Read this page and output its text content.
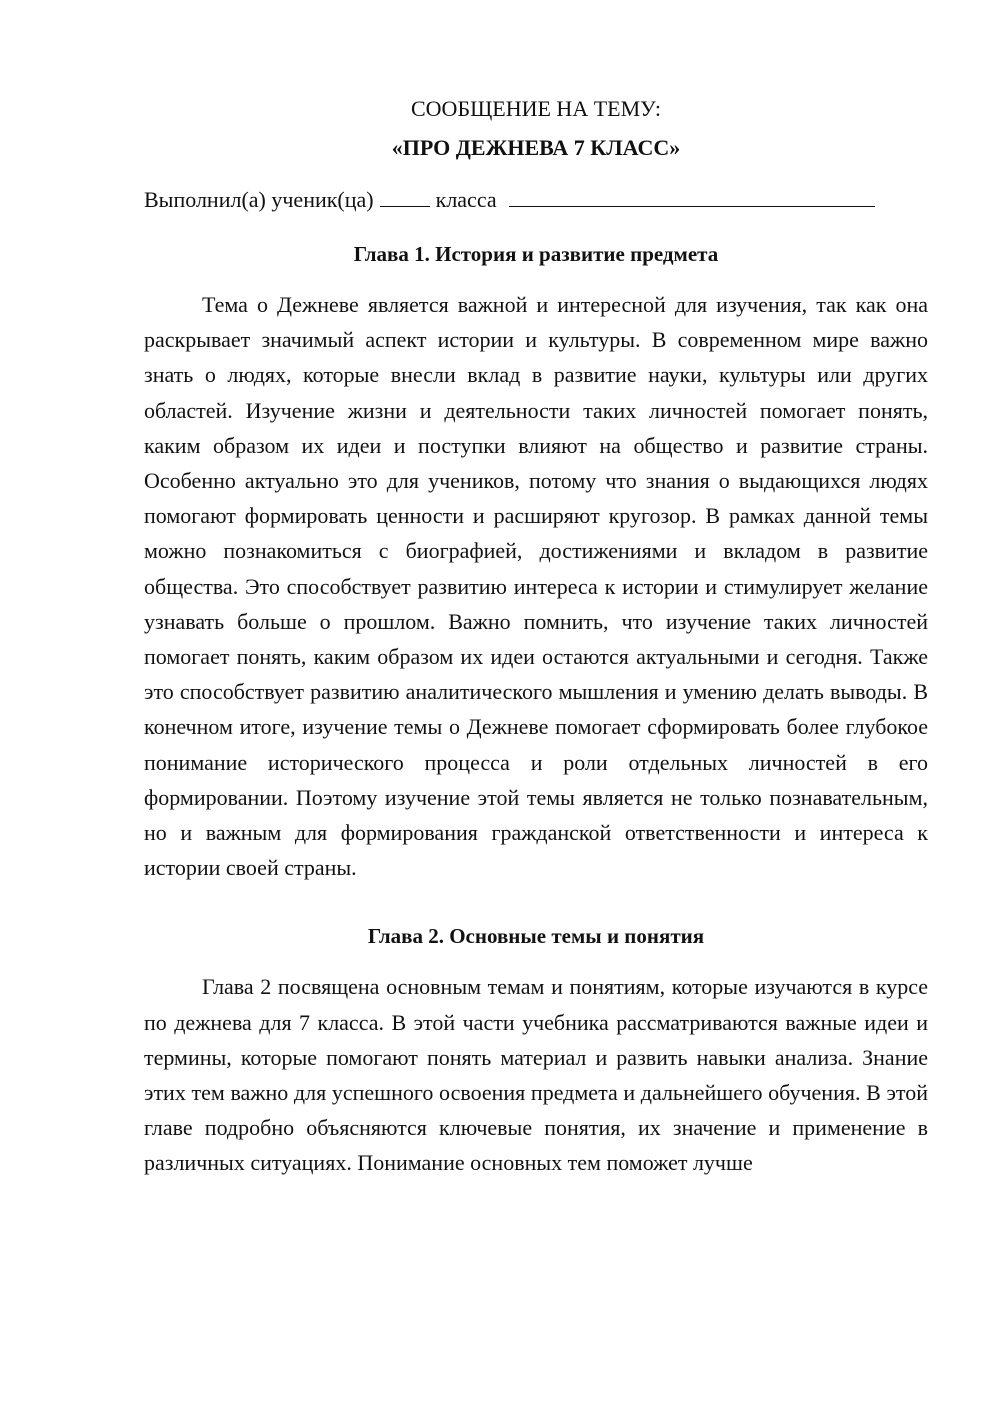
СООБЩЕНИЕ НА ТЕМУ:

«ПРО ДЕЖНЕВА 7 КЛАСС»

Выполнил(а) ученик(ца)	класса

Глава 1. История и развитие предмета

Тема о Дежневе является важной и интересной для изучения, так как она раскрывает значимый аспект истории и культуры. В современном мире важно знать о людях, которые внесли вклад в развитие науки, культуры или других областей. Изучение жизни и деятельности таких личностей помогает понять, каким образом их идеи и поступки влияют на общество и развитие страны. Особенно актуально это для учеников, потому что знания о выдающихся людях помогают формировать ценности и расширяют кругозор. В рамках данной темы можно познакомиться с биографией, достижениями и вкладом в развитие общества. Это способствует развитию интереса к истории и стимулирует желание узнавать больше о прошлом. Важно помнить, что изучение таких личностей помогает понять, каким образом их идеи остаются актуальными и сегодня. Также это способствует развитию аналитического мышления и умению делать выводы. В конечном итоге, изучение темы о Дежневе помогает сформировать более глубокое понимание исторического процесса и роли отдельных личностей в его формировании. Поэтому изучение этой темы является не только познавательным, но и важным для формирования гражданской ответственности и интереса к истории своей страны.

Глава 2. Основные темы и понятия

Глава 2 посвящена основным темам и понятиям, которые изучаются в курсе по дежнева для 7 класса. В этой части учебника рассматриваются важные идеи и термины, которые помогают понять материал и развить навыки анализа. Знание этих тем важно для успешного освоения предмета и дальнейшего обучения. В этой главе подробно объясняются ключевые понятия, их значение и применение в различных ситуациях. Понимание основных тем поможет лучше
